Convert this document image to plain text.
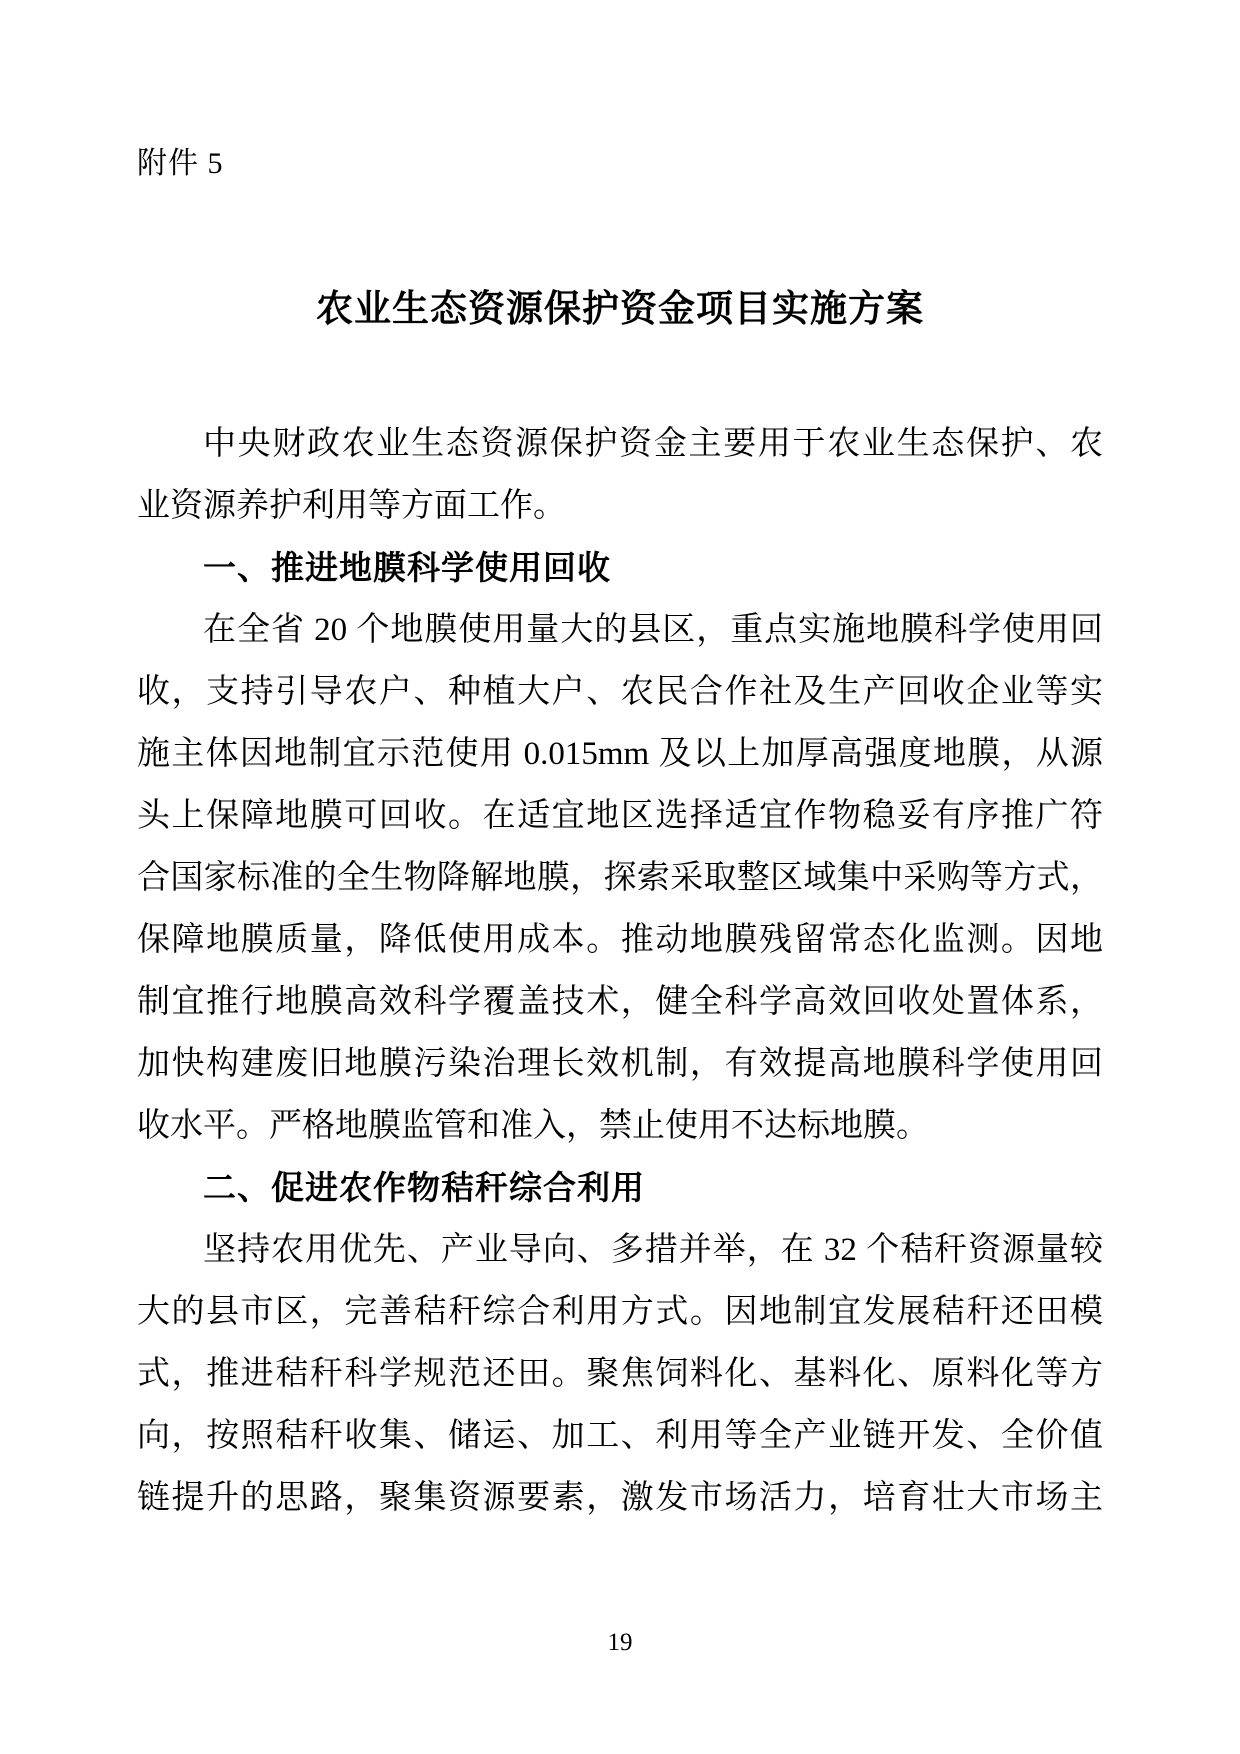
附件 5
农业生态资源保护资金项目实施方案
中央财政农业生态资源保护资金主要用于农业生态保护、农
业资源养护利用等方面工作。
一、推进地膜科学使用回收
在全省 20 个地膜使用量大的县区，重点实施地膜科学使用回
收，支持引导农户、种植大户、农民合作社及生产回收企业等实
施主体因地制宜示范使用 0.015mm 及以上加厚高强度地膜，从源
头上保障地膜可回收。在适宜地区选择适宜作物稳妥有序推广符
合国家标准的全生物降解地膜，探索采取整区域集中采购等方式，
保障地膜质量，降低使用成本。推动地膜残留常态化监测。因地
制宜推行地膜高效科学覆盖技术，健全科学高效回收处置体系，
加快构建废旧地膜污染治理长效机制，有效提高地膜科学使用回
收水平。严格地膜监管和准入，禁止使用不达标地膜。
二、促进农作物秸秆综合利用
坚持农用优先、产业导向、多措并举，在 32 个秸秆资源量较
大的县市区，完善秸秆综合利用方式。因地制宜发展秸秆还田模
式，推进秸秆科学规范还田。聚焦饲料化、基料化、原料化等方
向，按照秸秆收集、储运、加工、利用等全产业链开发、全价值
链提升的思路，聚集资源要素，激发市场活力，培育壮大市场主
19
